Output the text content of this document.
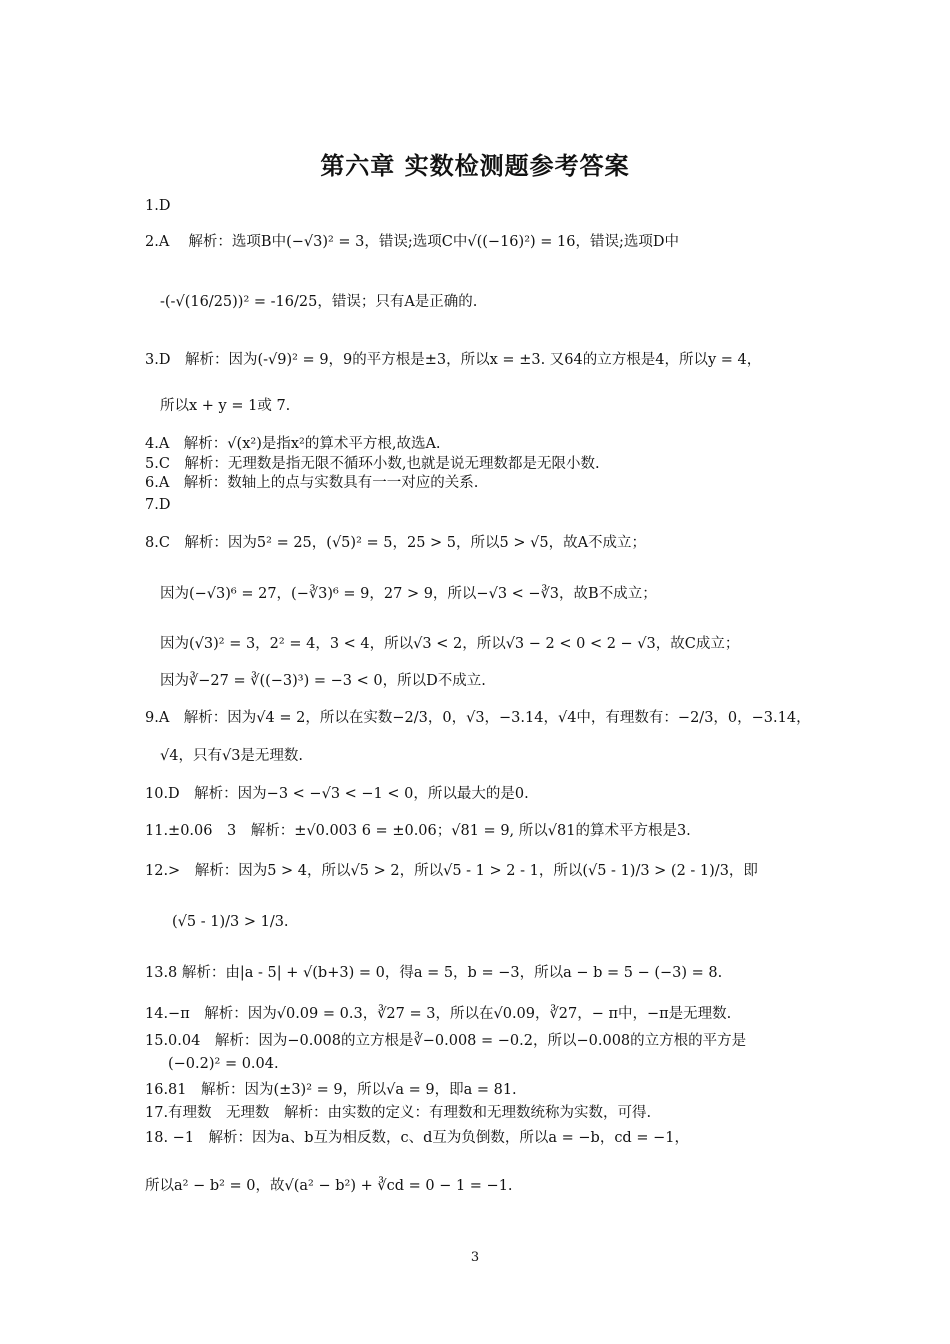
第六章 实数检测题参考答案
1.D
2.A　 解析：选项B中(−√3)² = 3，错误;选项C中√((−16)²) = 16，错误;选项D中
-(-√(16/25))² = -16/25，错误；只有A是正确的.
3.D　解析：因为(-√9)² = 9，9的平方根是±3，所以x = ±3. 又64的立方根是4，所以y = 4，
所以x + y = 1或 7.
4.A　解析：√(x²)是指x²的算术平方根,故选A.
5.C　解析：无理数是指无限不循环小数,也就是说无理数都是无限小数.
6.A　解析：数轴上的点与实数具有一一对应的关系.
7.D
8.C　解析：因为5² = 25，(√5)² = 5，25 > 5，所以5 > √5，故A不成立；
因为(−√3)⁶ = 27，(−∛3)⁶ = 9，27 > 9，所以−√3 < −∛3，故B不成立；
因为(√3)² = 3，2² = 4，3 < 4，所以√3 < 2，所以√3 − 2 < 0 < 2 − √3，故C成立；
因为∛−27 = ∛((−3)³) = −3 < 0，所以D不成立.
9.A　解析：因为√4 = 2，所以在实数−2/3，0，√3，−3.14，√4中，有理数有：−2/3，0，−3.14，
√4，只有√3是无理数.
10.D　解析：因为−3 < −√3 < −1 < 0，所以最大的是0.
11.±0.06　3　解析：±√0.003 6 = ±0.06；√81 = 9, 所以√81的算术平方根是3.
12.>　解析：因为5 > 4，所以√5 > 2，所以√5 - 1 > 2 - 1，所以(√5 - 1)/3 > (2 - 1)/3，即
(√5 - 1)/3 > 1/3.
13.8 解析：由|a - 5| + √(b+3) = 0，得a = 5，b = −3，所以a − b = 5 − (−3) = 8.
14.−π　解析：因为√0.09 = 0.3，∛27 = 3，所以在√0.09，∛27，− π中，−π是无理数.
15.0.04　解析：因为−0.008的立方根是∛−0.008 = −0.2，所以−0.008的立方根的平方是
(−0.2)² = 0.04.
16.81　解析：因为(±3)² = 9，所以√a = 9，即a = 81.
17.有理数　无理数　解析：由实数的定义：有理数和无理数统称为实数，可得.
18. −1　解析：因为a、b互为相反数，c、d互为负倒数，所以a = −b，cd = −1，
所以a² − b² = 0，故√(a² − b²) + ∛cd = 0 − 1 = −1.
3
